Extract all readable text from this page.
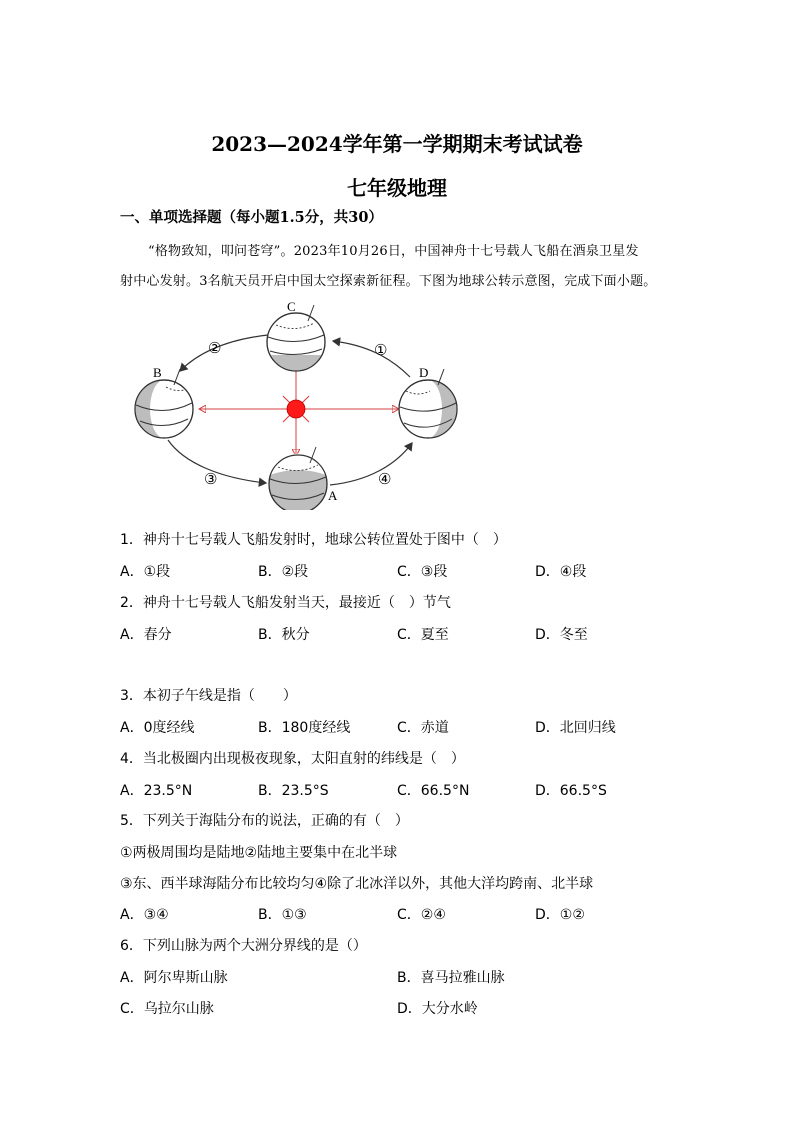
2023—2024学年第一学期期末考试试卷
七年级地理
一、单项选择题（每小题1.5分，共30）
“格物致知，叩问苍穹”。2023年10月26日，中国神舟十七号载人飞船在酒泉卫星发
射中心发射。3名航天员开启中国太空探索新征程。下图为地球公转示意图，完成下面小题。
C
B	D
A
①
②
③	④
1．神舟十七号载人飞船发射时，地球公转位置处于图中（　）
A．①段	B．②段	C．③段	D．④段
2．神舟十七号载人飞船发射当天，最接近（　）节气
A．春分	B．秋分	C．夏至	D．冬至
3．本初子午线是指（　　）
A．0度经线	B．180度经线	C．赤道	D．北回归线
4．当北极圈内出现极夜现象，太阳直射的纬线是（　）
A．23.5°N	B．23.5°S	C．66.5°N	D．66.5°S
5．下列关于海陆分布的说法，正确的有（　）
①两极周围均是陆地②陆地主要集中在北半球
③东、西半球海陆分布比较均匀④除了北冰洋以外，其他大洋均跨南、北半球
A．③④	B．①③	C．②④	D．①②
6．下列山脉为两个大洲分界线的是（）
A．阿尔卑斯山脉	B．喜马拉雅山脉
C．乌拉尔山脉	D．大分水岭
